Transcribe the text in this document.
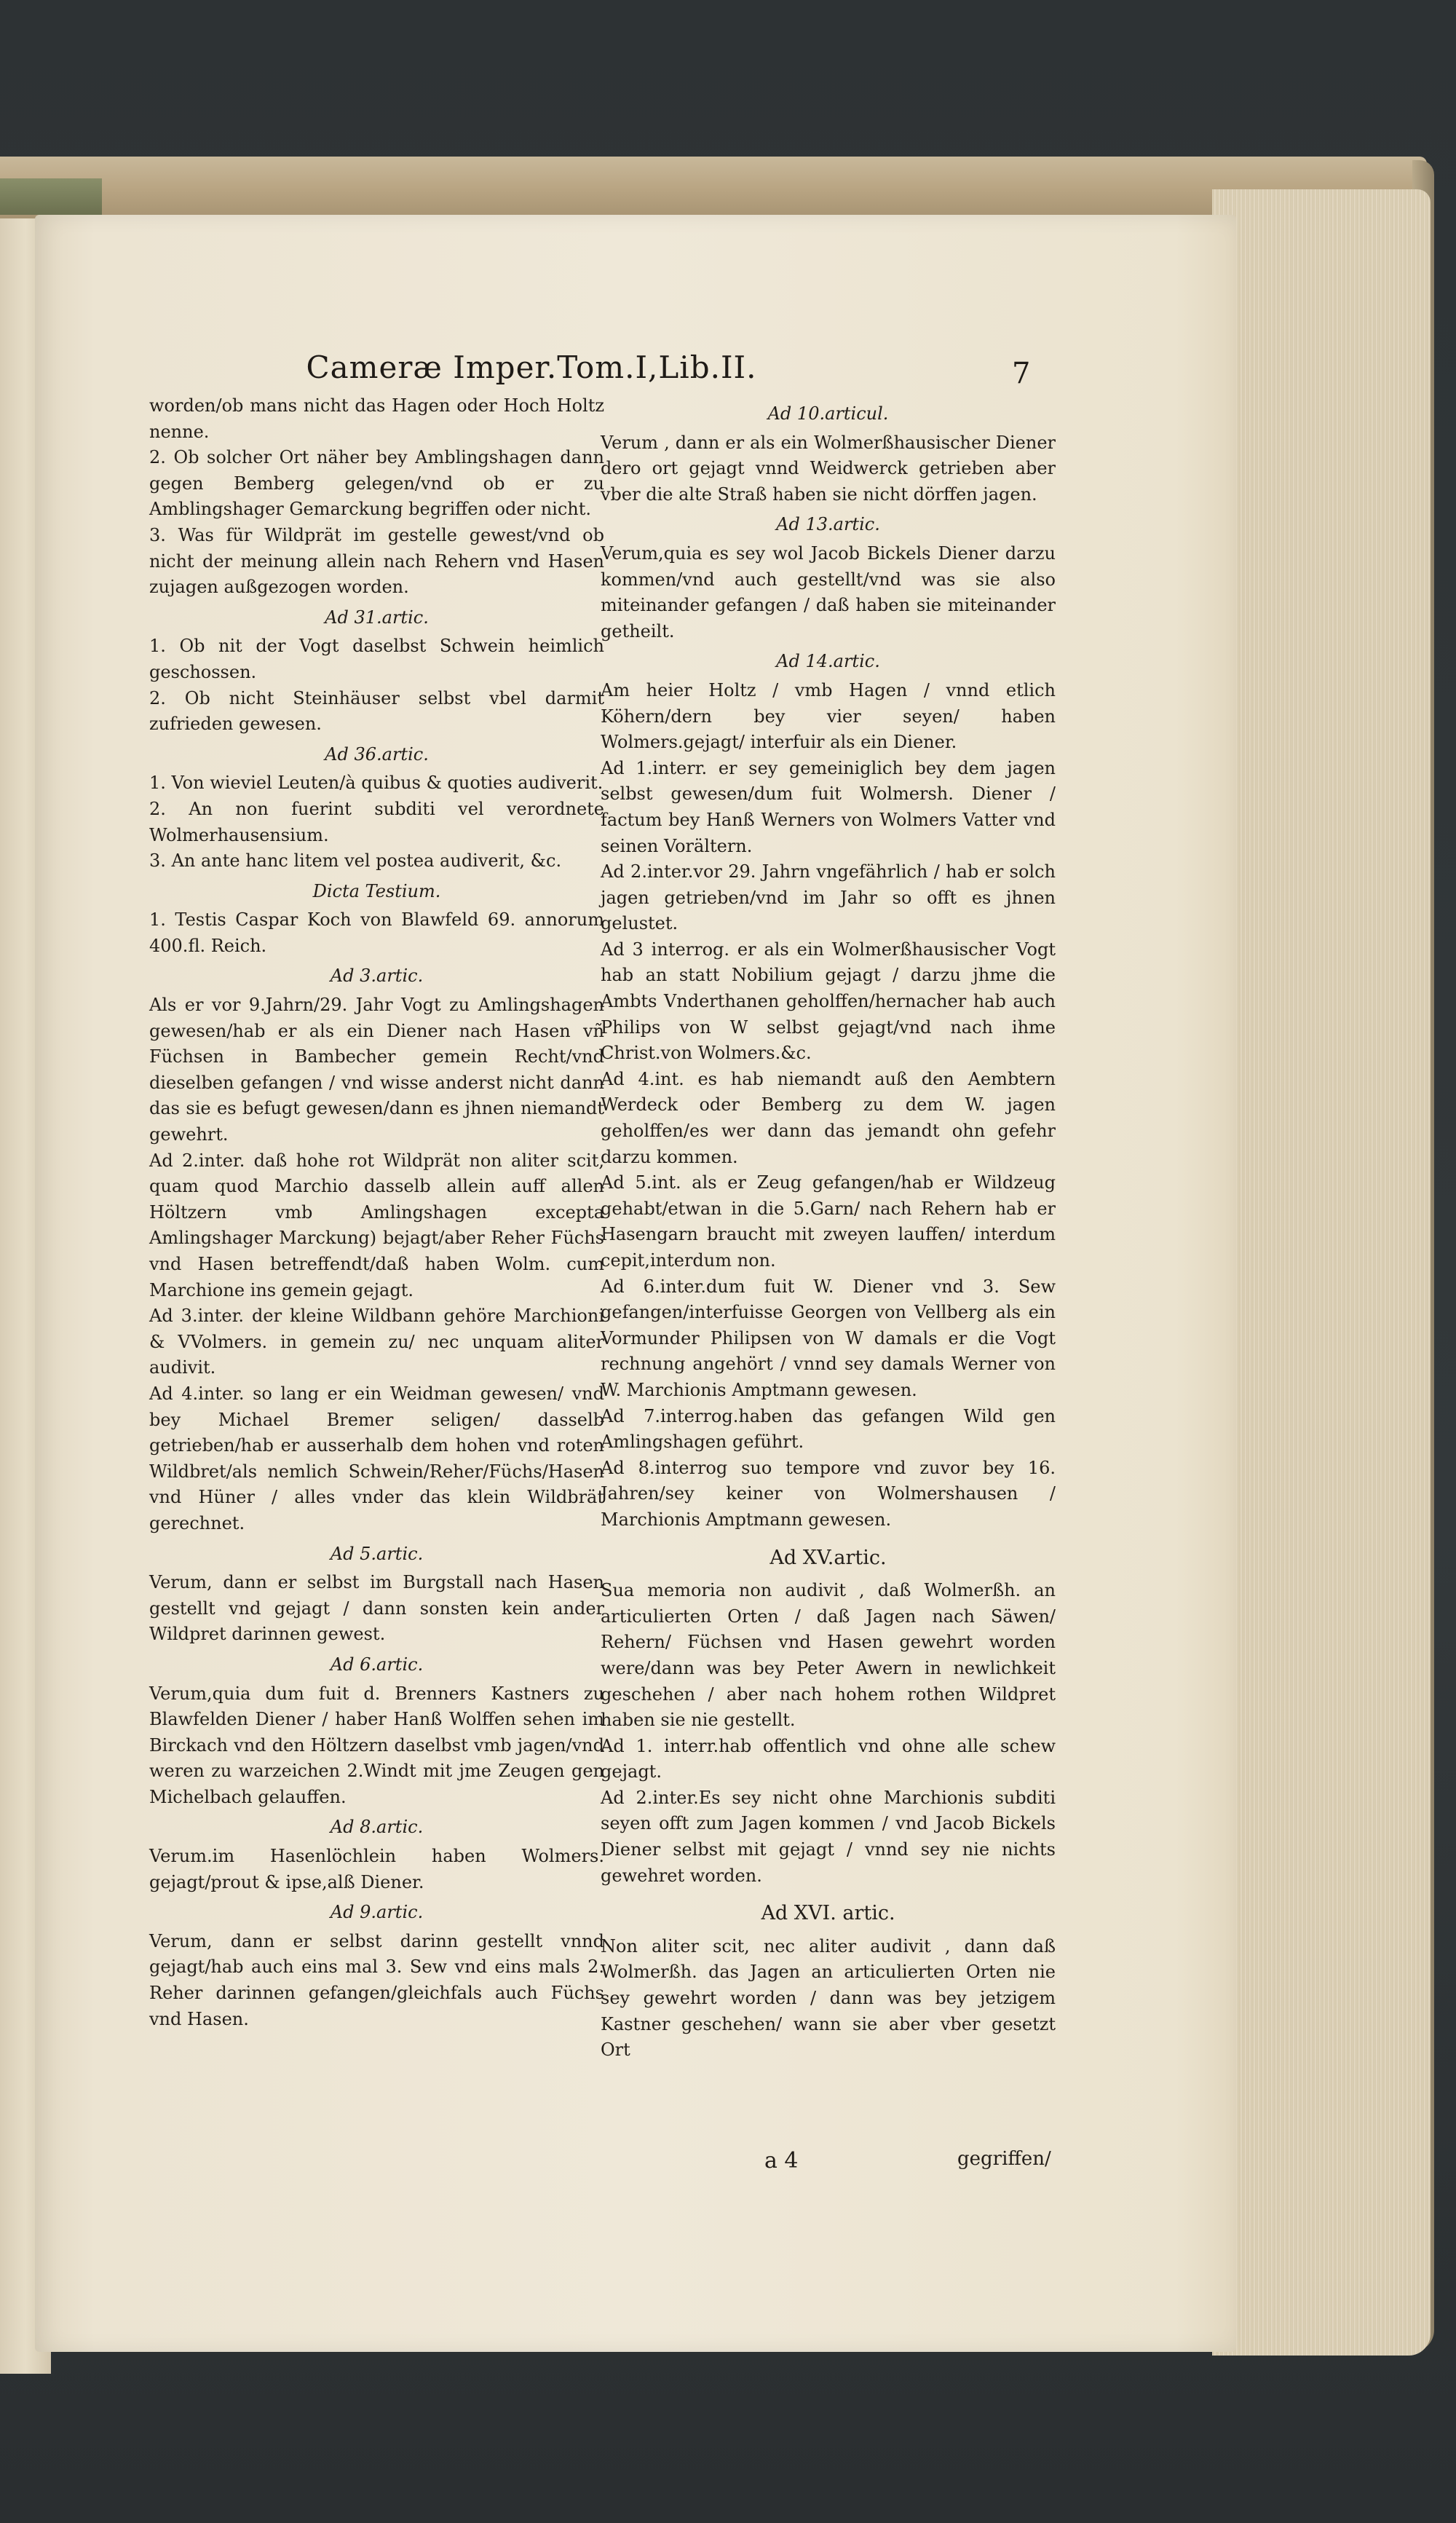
Cameræ Imper.Tom.I,Lib.II.	7

worden/ob mans nicht das Hagen oder Hoch Holtz nenne.

2. Ob solcher Ort näher bey Amblingshagen dann gegen Bemberg gelegen/vnd ob er zu Amblingshager Gemarckung begriffen oder nicht.

3. Was für Wildprät im gestelle gewest/vnd ob nicht der meinung allein nach Rehern vnd Hasen zujagen außgezogen worden.

Ad 31.artic.

1. Ob nit der Vogt daselbst Schwein heimlich geschossen.

2. Ob nicht Steinhäuser selbst vbel darmit zufrieden gewesen.

Ad 36.artic.

1. Von wieviel Leuten/à quibus & quoties audiverit.

2. An non fuerint subditi vel verordnete Wolmerhausensium.

3. An ante hanc litem vel postea audiverit, &c.

Dicta Testium.

1. Testis Caspar Koch von Blawfeld 69. annorum 400.fl. Reich.

Ad 3.artic.

Als er vor 9.Jahrn/29. Jahr Vogt zu Amlingshagen gewesen/hab er als ein Diener nach Hasen vñ Füchsen in Bambecher gemein Recht/vnd dieselben gefangen / vnd wisse anderst nicht dann das sie es befugt gewesen/dann es jhnen niemandt gewehrt.

Ad 2.inter. daß hohe rot Wildprät non aliter scit, quam quod Marchio dasselb allein auff allen Höltzern vmb Amlingshagen excepta Amlingshager Marckung) bejagt/aber Reher Füchs vnd Hasen betreffendt/daß haben Wolm. cum Marchione ins gemein gejagt.

Ad 3.inter. der kleine Wildbann gehöre Marchioni & VVolmers. in gemein zu/ nec unquam aliter audivit.

Ad 4.inter. so lang er ein Weidman gewesen/ vnd bey Michael Bremer seligen/ dasselb getrieben/hab er ausserhalb dem hohen vnd roten Wildbret/als nemlich Schwein/Reher/Füchs/Hasen vnd Hüner / alles vnder das klein Wildbrät gerechnet.

Ad 5.artic.

Verum, dann er selbst im Burgstall nach Hasen gestellt vnd gejagt / dann sonsten kein ander Wildpret darinnen gewest.

Ad 6.artic.

Verum,quia dum fuit d. Brenners Kastners zu Blawfelden Diener / haber Hanß Wolffen sehen im Birckach vnd den Höltzern daselbst vmb jagen/vnd weren zu warzeichen 2.Windt mit jme Zeugen gen Michelbach gelauffen.

Ad 8.artic.

Verum.im Hasenlöchlein haben Wolmers. gejagt/prout & ipse,alß Diener.

Ad 9.artic.

Verum, dann er selbst darinn gestellt vnnd gejagt/hab auch eins mal 3. Sew vnd eins mals 2. Reher darinnen gefangen/gleichfals auch Füchs vnd Hasen.

Ad 10.articul.

Verum , dann er als ein Wolmerßhausischer Diener dero ort gejagt vnnd Weidwerck getrieben aber vber die alte Straß haben sie nicht dörffen jagen.

Ad 13.artic.

Verum,quia es sey wol Jacob Bickels Diener darzu kommen/vnd auch gestellt/vnd was sie also miteinander gefangen / daß haben sie miteinander getheilt.

Ad 14.artic.

Am heier Holtz / vmb Hagen / vnnd etlich Köhern/dern bey vier seyen/ haben Wolmers.gejagt/ interfuir als ein Diener.

Ad 1.interr. er sey gemeiniglich bey dem jagen selbst gewesen/dum fuit Wolmersh. Diener / factum bey Hanß Werners von Wolmers Vatter vnd seinen Vorältern.

Ad 2.inter.vor 29. Jahrn vngefährlich / hab er solch jagen getrieben/vnd im Jahr so offt es jhnen gelustet.

Ad 3 interrog. er als ein Wolmerßhausischer Vogt hab an statt Nobilium gejagt / darzu jhme die Ambts Vnderthanen geholffen/hernacher hab auch Philips von W selbst gejagt/vnd nach ihme Christ.von Wolmers.&c.

Ad 4.int. es hab niemandt auß den Aembtern Werdeck oder Bemberg zu dem W. jagen geholffen/es wer dann das jemandt ohn gefehr darzu kommen.

Ad 5.int. als er Zeug gefangen/hab er Wildzeug gehabt/etwan in die 5.Garn/ nach Rehern hab er Hasengarn braucht mit zweyen lauffen/ interdum cepit,interdum non.

Ad 6.inter.dum fuit W. Diener vnd 3. Sew gefangen/interfuisse Georgen von Vellberg als ein Vormunder Philipsen von W damals er die Vogt rechnung angehört / vnnd sey damals Werner von W. Marchionis Amptmann gewesen.

Ad 7.interrog.haben das gefangen Wild gen Amlingshagen geführt.

Ad 8.interrog suo tempore vnd zuvor bey 16. Jahren/sey keiner von Wolmershausen / Marchionis Amptmann gewesen.

Ad XV.artic.

Sua memoria non audivit , daß Wolmerßh. an articulierten Orten / daß Jagen nach Säwen/ Rehern/ Füchsen vnd Hasen gewehrt worden were/dann was bey Peter Awern in newlichkeit geschehen / aber nach hohem rothen Wildpret haben sie nie gestellt.

Ad 1. interr.hab offentlich vnd ohne alle schew gejagt.

Ad 2.inter.Es sey nicht ohne Marchionis subditi seyen offt zum Jagen kommen / vnd Jacob Bickels Diener selbst mit gejagt / vnnd sey nie nichts gewehret worden.

Ad XVI. artic.

Non aliter scit, nec aliter audivit , dann daß Wolmerßh. das Jagen an articulierten Orten nie sey gewehrt worden / dann was bey jetzigem Kastner geschehen/ wann sie aber vber gesetzt Ort

a 4	gegriffen/
